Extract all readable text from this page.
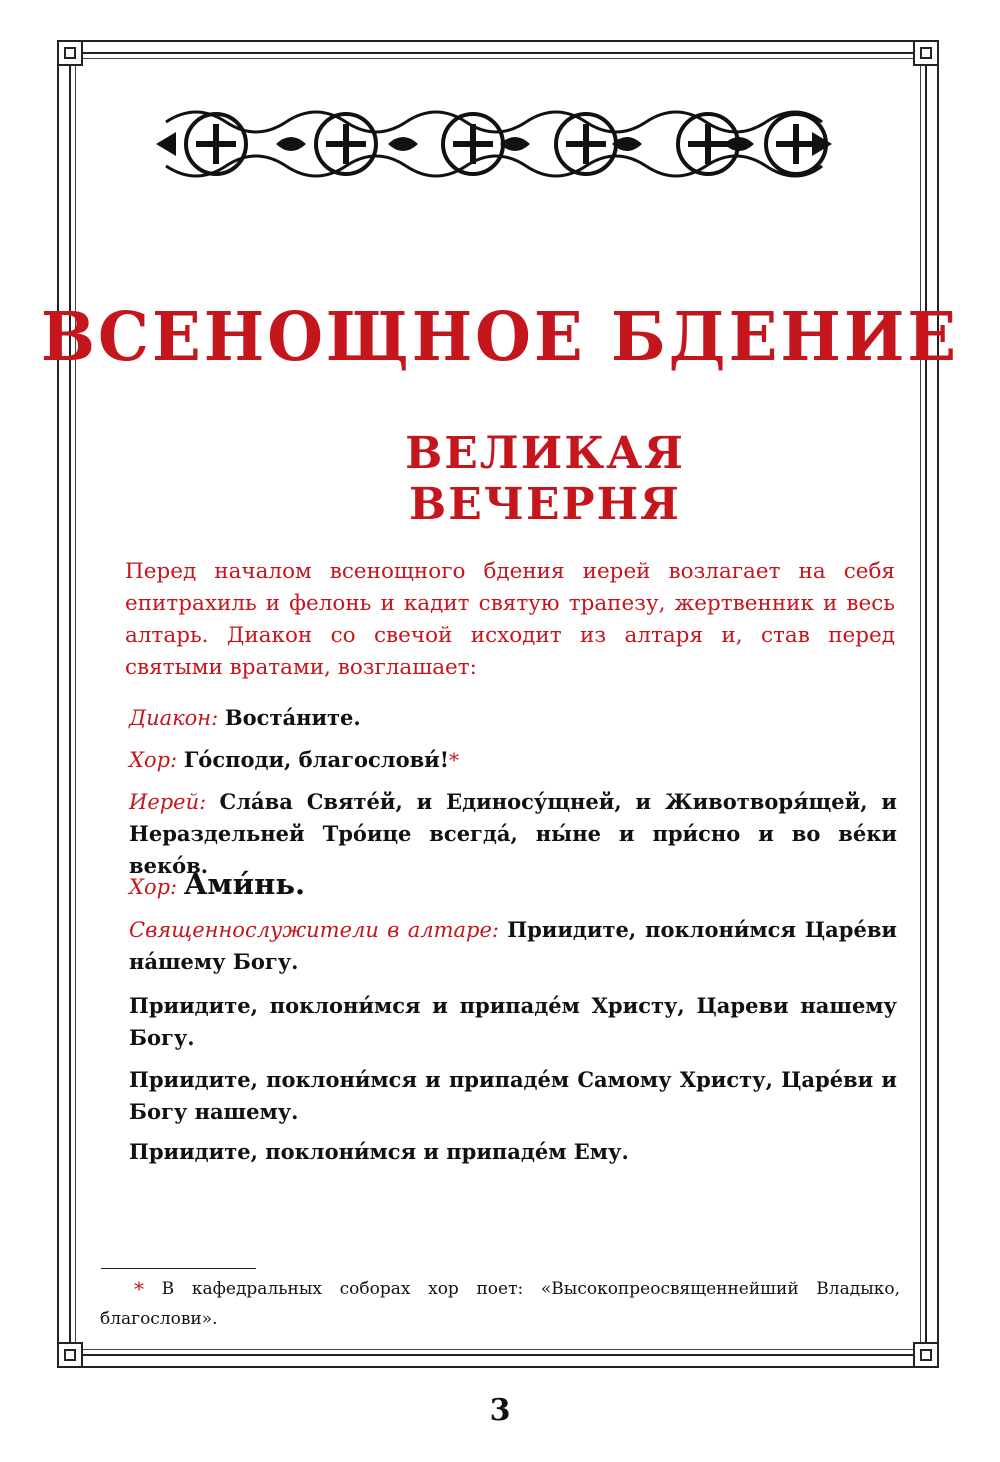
ВСЕНОЩНОЕ БДЕНИЕ
ВЕЛИКАЯ ВЕЧЕРНЯ

Перед началом всенощного бдения иерей возлагает на себя епитрахиль и фелонь и кадит святую трапезу, жертвенник и весь алтарь. Диакон со свечой исходит из алтаря и, став перед святыми вратами, возглашает:

Диакон: Воста́ните.
Хор: Го́споди, благослови́!*
Иерей: Сла́ва Святе́й, и Единосу́щней, и Животворя́щей, и Нераздельней Тро́ице всегда́, ны́не и при́сно и во ве́ки веко́в.
Хор: Ами́нь.
Священнослужители в алтаре: Приидите, поклони́мся Царе́ви на́шему Богу.
Приидите, поклони́мся и припаде́м Христу, Цареви нашему Богу.
Приидите, поклони́мся и припаде́м Самому Христу, Царе́ви и Богу нашему.
Приидите, поклони́мся и припаде́м Ему.
* В кафедральных соборах хор поет: «Высокопреосвященнейший Владыко, благослови».
3
